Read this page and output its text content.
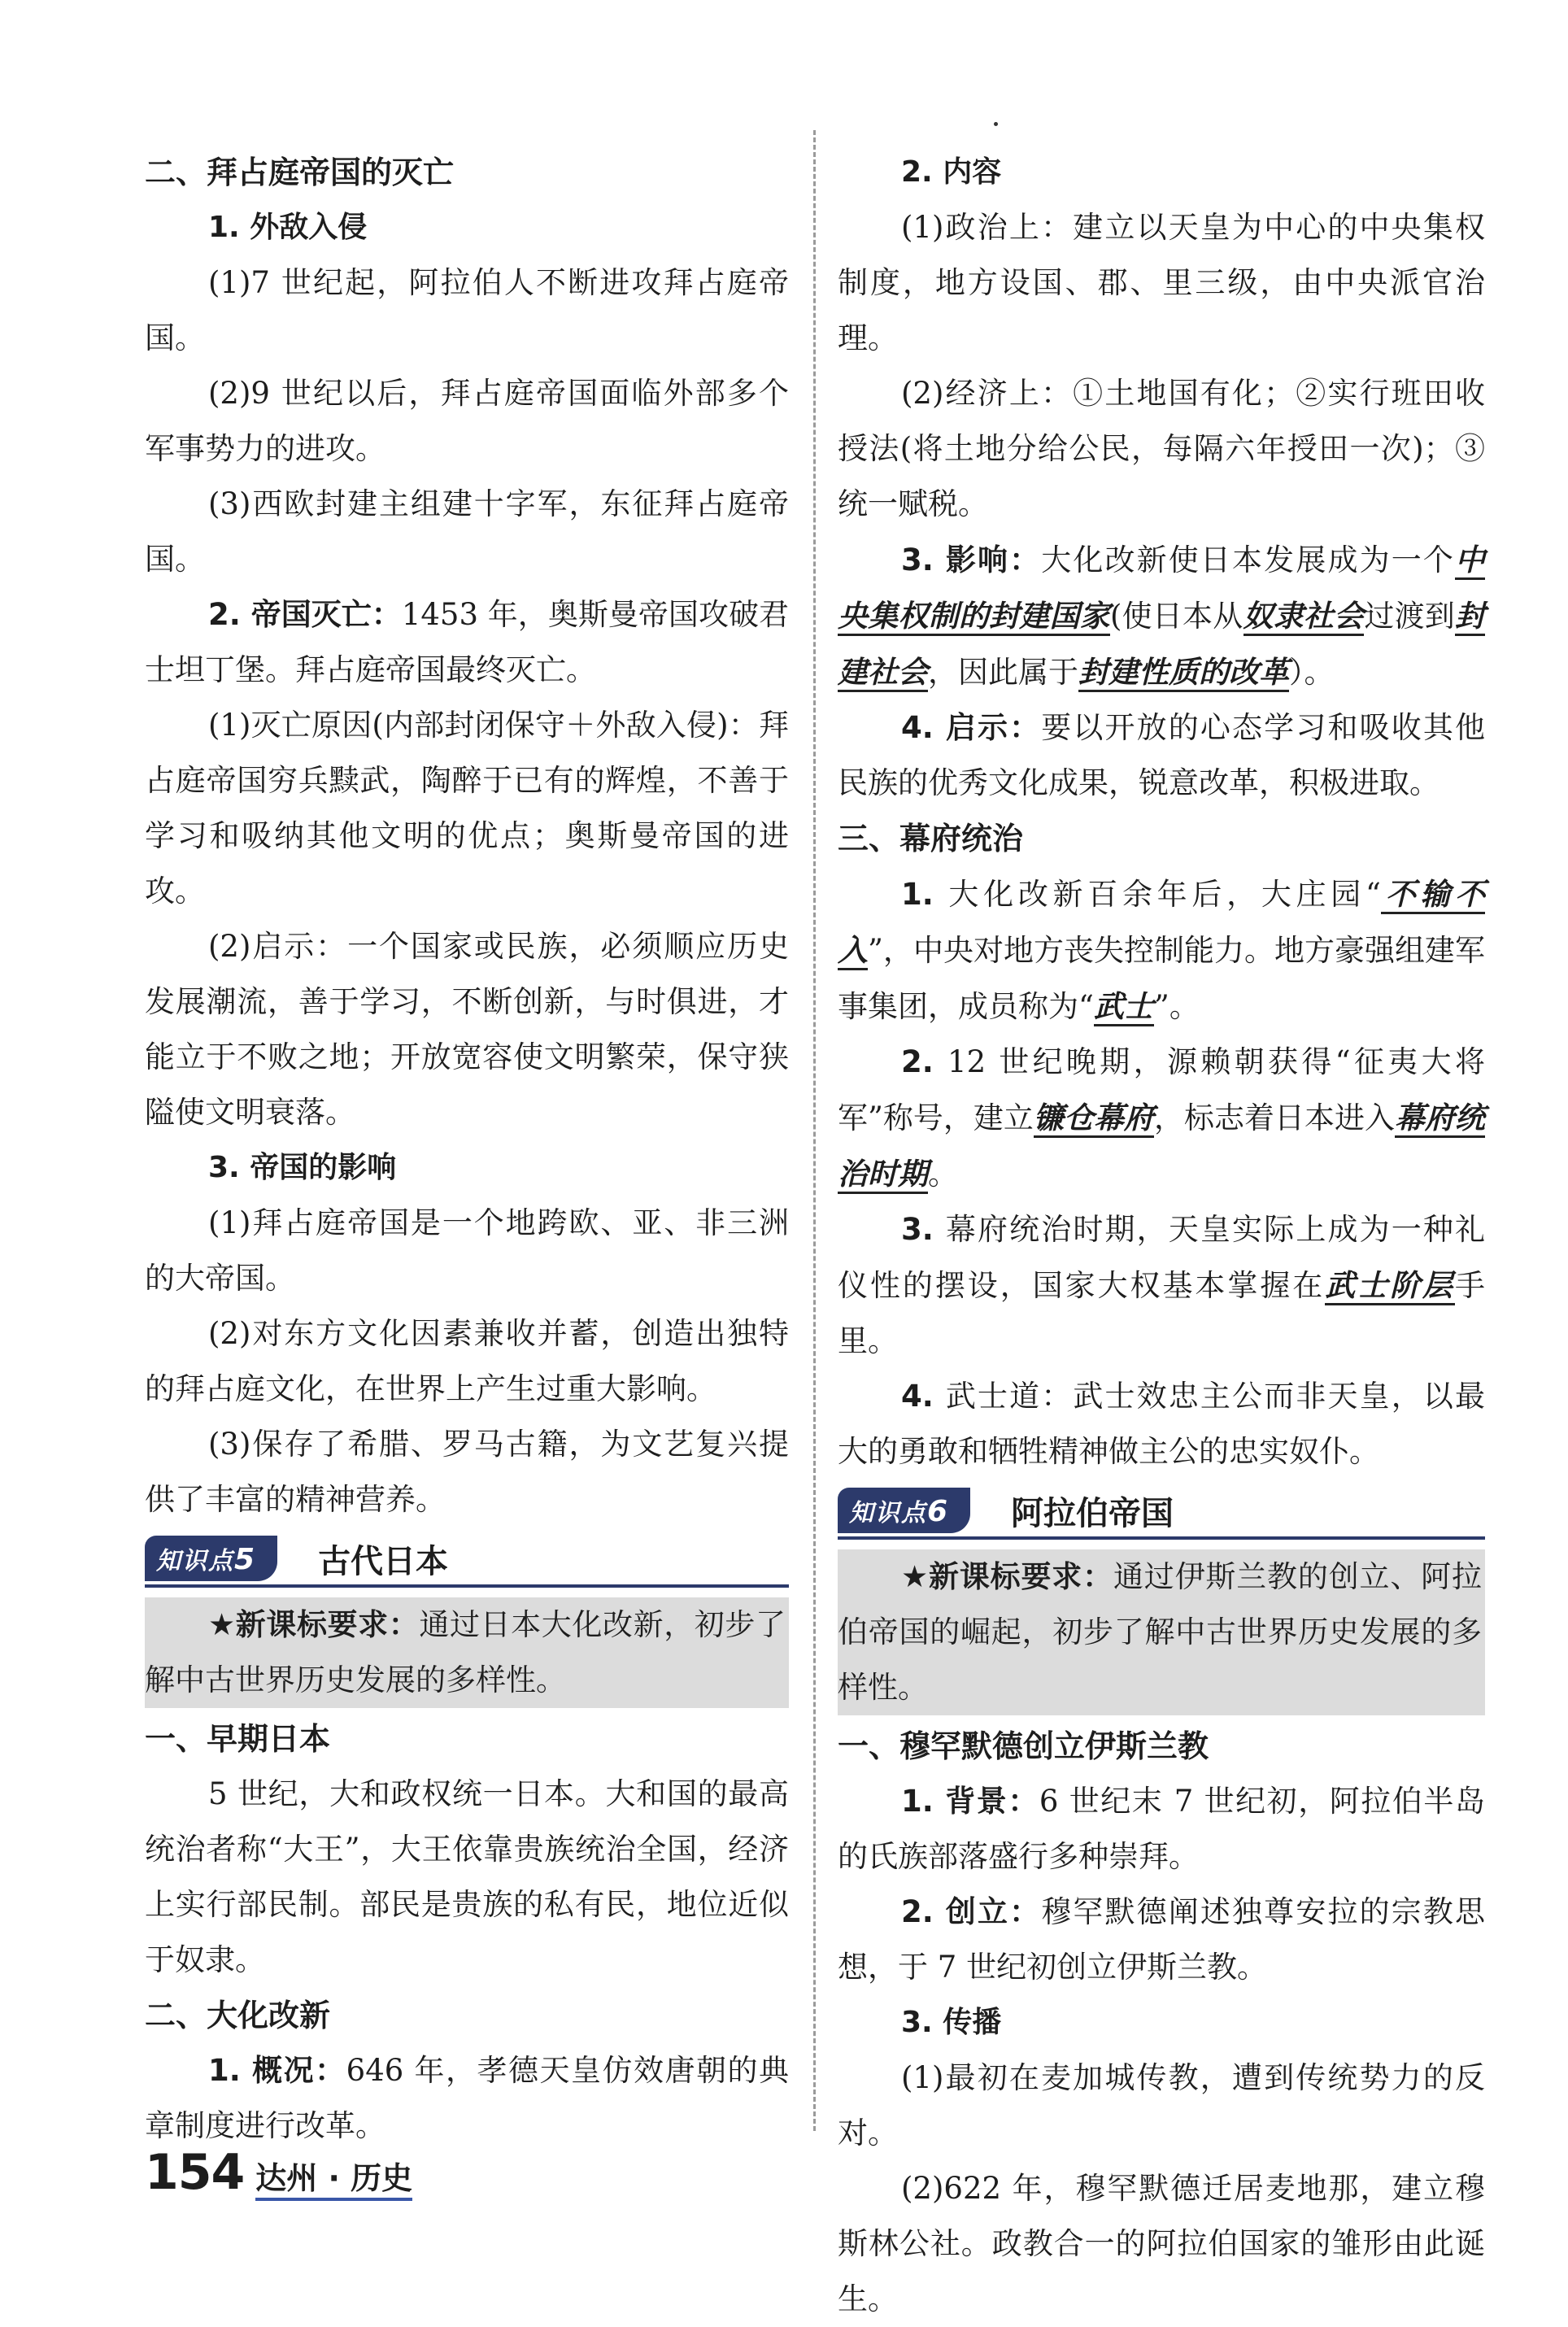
二、拜占庭帝国的灭亡
1. 外敌入侵
(1)7 世纪起，阿拉伯人不断进攻拜占庭帝国。
(2)9 世纪以后，拜占庭帝国面临外部多个军事势力的进攻。
(3)西欧封建主组建十字军，东征拜占庭帝国。
2. 帝国灭亡：1453 年，奥斯曼帝国攻破君士坦丁堡。拜占庭帝国最终灭亡。
(1)灭亡原因(内部封闭保守＋外敌入侵)：拜占庭帝国穷兵黩武，陶醉于已有的辉煌，不善于学习和吸纳其他文明的优点；奥斯曼帝国的进攻。
(2)启示：一个国家或民族，必须顺应历史发展潮流，善于学习，不断创新，与时俱进，才能立于不败之地；开放宽容使文明繁荣，保守狭隘使文明衰落。
3. 帝国的影响
(1)拜占庭帝国是一个地跨欧、亚、非三洲的大帝国。
(2)对东方文化因素兼收并蓄，创造出独特的拜占庭文化，在世界上产生过重大影响。
(3)保存了希腊、罗马古籍，为文艺复兴提供了丰富的精神营养。
知识点5	古代日本
★新课标要求：通过日本大化改新，初步了解中古世界历史发展的多样性。
一、早期日本
5 世纪，大和政权统一日本。大和国的最高统治者称“大王”，大王依靠贵族统治全国，经济上实行部民制。部民是贵族的私有民，地位近似于奴隶。
二、大化改新
1. 概况：646 年，孝德天皇仿效唐朝的典章制度进行改革。
2. 内容
(1)政治上：建立以天皇为中心的中央集权制度，地方设国、郡、里三级，由中央派官治理。
(2)经济上：①土地国有化；②实行班田收授法(将土地分给公民，每隔六年授田一次)；③统一赋税。
3. 影响：大化改新使日本发展成为一个中央集权制的封建国家(使日本从奴隶社会过渡到封建社会，因此属于封建性质的改革）。
4. 启示：要以开放的心态学习和吸收其他民族的优秀文化成果，锐意改革，积极进取。
三、幕府统治
1. 大化改新百余年后，大庄园“不输不入”，中央对地方丧失控制能力。地方豪强组建军事集团，成员称为“武士”。
2. 12 世纪晚期，源赖朝获得“征夷大将军”称号，建立镰仓幕府，标志着日本进入幕府统治时期。
3. 幕府统治时期，天皇实际上成为一种礼仪性的摆设，国家大权基本掌握在武士阶层手里。
4. 武士道：武士效忠主公而非天皇，以最大的勇敢和牺牲精神做主公的忠实奴仆。
知识点6	阿拉伯帝国
★新课标要求：通过伊斯兰教的创立、阿拉伯帝国的崛起，初步了解中古世界历史发展的多样性。
一、穆罕默德创立伊斯兰教
1. 背景：6 世纪末 7 世纪初，阿拉伯半岛的氏族部落盛行多种崇拜。
2. 创立：穆罕默德阐述独尊安拉的宗教思想，于 7 世纪初创立伊斯兰教。
3. 传播
(1)最初在麦加城传教，遭到传统势力的反对。
(2)622 年，穆罕默德迁居麦地那，建立穆斯林公社。政教合一的阿拉伯国家的雏形由此诞生。
154 达州 · 历史
